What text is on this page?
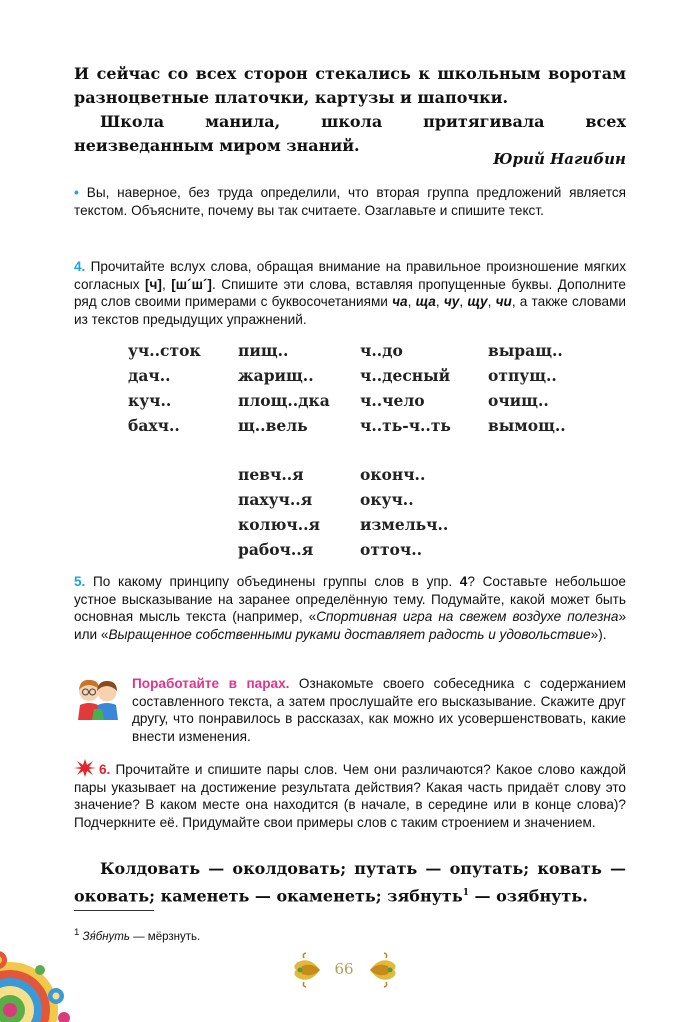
И сейчас со всех сторон стекались к школьным воротам разноцветные платочки, картузы и шапочки.

Школа манила, школа притягивала всех неизведанным миром знаний.

Юрий Нагибин
• Вы, наверное, без труда определили, что вторая группа предложений является текстом. Объясните, почему вы так считаете. Озаглавьте и спишите текст.
4. Прочитайте вслух слова, обращая внимание на правильное произношение мягких согласных [ч], [ш´ш´]. Спишите эти слова, вставляя пропущенные буквы. Дополните ряд слов своими примерами с буквосочетаниями ча, ща, чу, щу, чи, а также словами из текстов предыдущих упражнений.
уч..сток
дач..
куч..
бахч..
пищ..
жарищ..
площ..дка
щ..вель
ч..до
ч..десный
ч..чело
ч..ть-ч..ть
выращ..
отпущ..
очищ..
вымощ..
певч..я
пахуч..я
колюч..я
рабоч..я
оконч..
окуч..
измельч..
отточ..
5. По какому принципу объединены группы слов в упр. 4? Составьте небольшое устное высказывание на заранее определённую тему. Подумайте, какой может быть основная мысль текста (например, «Спортивная игра на свежем воздухе полезна» или «Выращенное собственными руками доставляет радость и удовольствие»).
Поработайте в парах. Ознакомьте своего собеседника с содержанием составленного текста, а затем прослушайте его высказывание. Скажите друг другу, что понравилось в рассказах, как можно их усовершенствовать, какие внести изменения.
6. Прочитайте и спишите пары слов. Чем они различаются? Какое слово каждой пары указывает на достижение результата действия? Какая часть придаёт слову это значение? В каком месте она находится (в начале, в середине или в конце слова)? Подчеркните её. Придумайте свои примеры слов с таким строением и значением.
Колдовать — околдовать; путать — опутать; ковать — оковать; каменеть — окаменеть; зябнуть$^1$ — озябнуть.
$^1$ Зя́бнуть — мёрзнуть.
66
